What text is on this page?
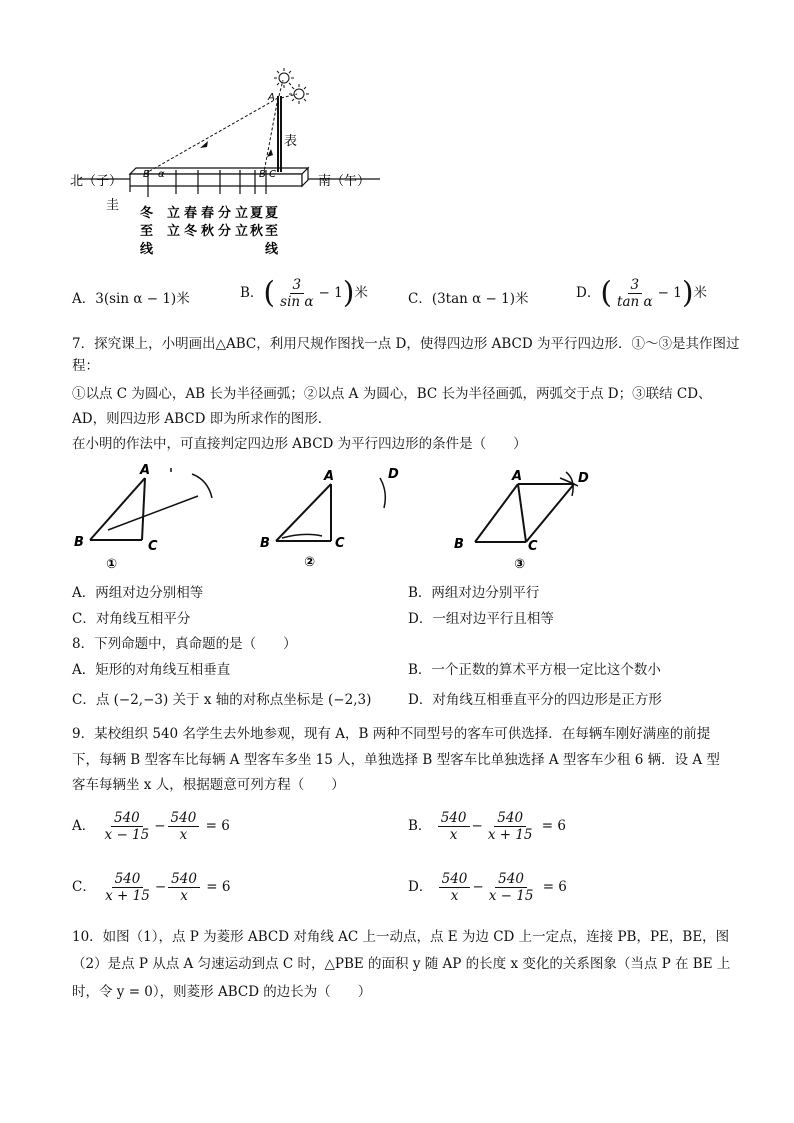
北（子）	南（午）
圭
表
A
B α	B C
冬
至
线
立
立
春
冬
春
秋
分
分
立
立
夏
秋
夏
至
线
A．3(sin α − 1)米	B．( $\frac{3}{\text{sin α}} - 1$)米	C．(3tan α − 1)米	D．( $\frac{3}{\text{tan α}} - 1$)米
7．探究课上，小明画出△ABC，利用尺规作图找一点 D，使得四边形 ABCD 为平行四边形．①～③是其作图过
程：
①以点 C 为圆心，AB 长为半径画弧；②以点 A 为圆心，BC 长为半径画弧，两弧交于点 D；③联结 CD、
AD，则四边形 ABCD 即为所求作的图形．
在小明的作法中，可直接判定四边形 ABCD 为平行四边形的条件是（　　）
A
B	C
①
A
B	C
D
②
A
B	C
D
③
A．两组对边分别相等	B．两组对边分别平行
C．对角线互相平分	D．一组对边平行且相等
8．下列命题中，真命题的是（　　）
A．矩形的对角线互相垂直	B．一个正数的算术平方根一定比这个数小
C．点 (−2,−3) 关于 x 轴的对称点坐标是 (−2,3)	D．对角线互相垂直平分的四边形是正方形
9．某校组织 540 名学生去外地参观，现有 A，B 两种不同型号的客车可供选择．在每辆车刚好满座的前提
下，每辆 B 型客车比每辆 A 型客车多坐 15 人，单独选择 B 型客车比单独选择 A 型客车少租 6 辆．设 A 型
客车每辆坐 x 人，根据题意可列方程（　　）
A． $\frac{540}{x - 15} - \frac{540}{x} = 6$	B． $\frac{540}{x} - \frac{540}{x + 15} = 6$
C． $\frac{540}{x + 15} - \frac{540}{x} = 6$	D． $\frac{540}{x} - \frac{540}{x - 15} = 6$
10．如图（1），点 P 为菱形 ABCD 对角线 AC 上一动点，点 E 为边 CD 上一定点，连接 PB，PE，BE，图
（2）是点 P 从点 A 匀速运动到点 C 时，△PBE 的面积 y 随 AP 的长度 x 变化的关系图象（当点 P 在 BE 上
时，令 y = 0），则菱形 ABCD 的边长为（　　）
